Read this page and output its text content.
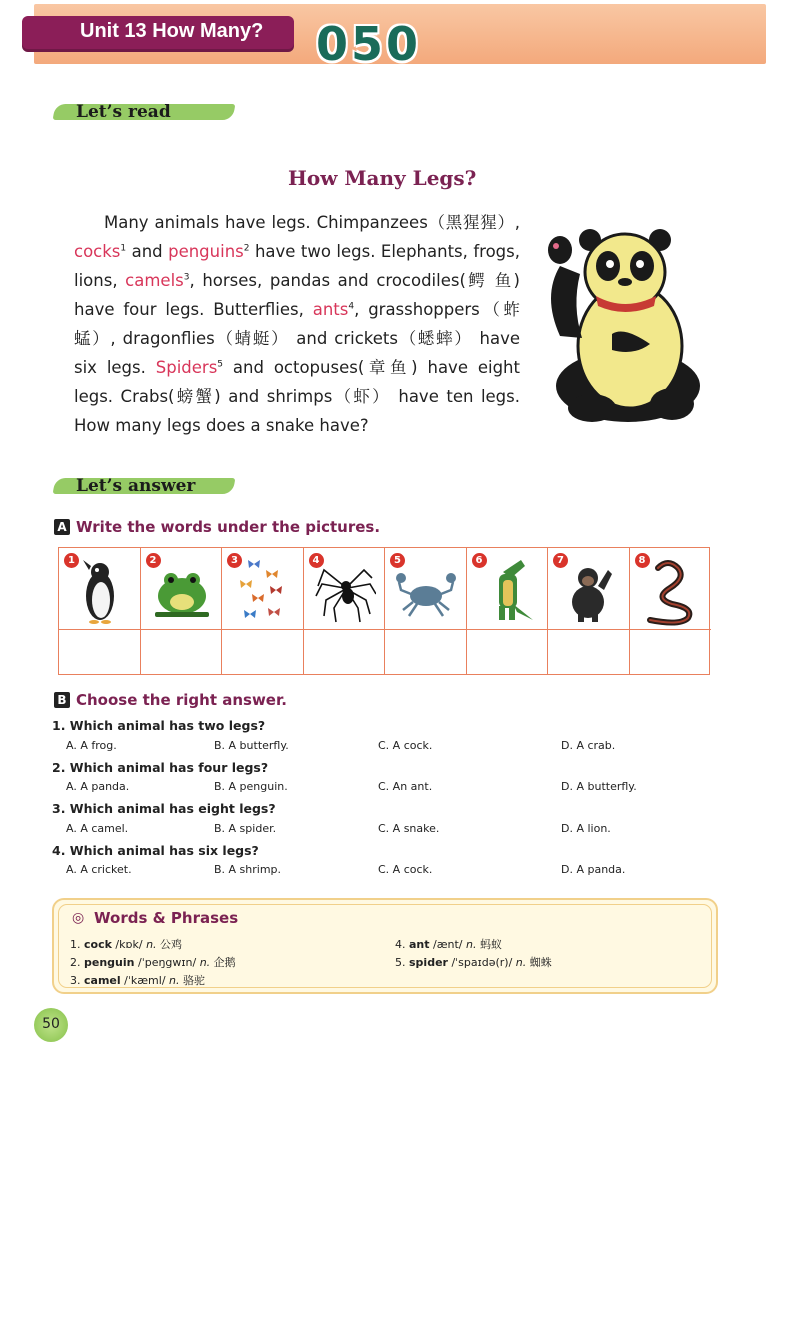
Unit 13 How Many? 050
Let’s read
How Many Legs?
Many animals have legs. Chimpanzees（黑猩猩）, cocks$^1$ and penguins$^2$ have two legs. Elephants, frogs, lions, camels$^3$, horses, pandas and crocodiles(鳄 鱼) have four legs. Butterflies, ants$^4$, grasshoppers（蚱蜢）, dragonflies（蜻蜓） and crickets（蟋蟀） have six legs. Spiders$^5$ and octopuses(章鱼) have eight legs. Crabs(螃蟹) and shrimps（虾） have ten legs. How many legs does a snake have?
Let’s answer
A Write the words under the pictures.
1	2	3	4	5	6	7	8
B Choose the right answer.
1. Which animal has two legs?
A. A frog.	B. A butterfly.	C. A cock.	D. A crab.
2. Which animal has four legs?
A. A panda.	B. A penguin.	C. An ant.	D. A butterfly.
3. Which animal has eight legs?
A. A camel.	B. A spider.	C. A snake.	D. A lion.
4. Which animal has six legs?
A. A cricket.	B. A shrimp.	C. A cock.	D. A panda.
◎ Words & Phrases
1. cock /kɒk/ n. 公鸡
2. penguin /ˈpeŋgwɪn/ n. 企鹅
3. camel /ˈkæml/ n. 骆驼
4. ant /ænt/ n. 蚂蚁
5. spider /ˈspaɪdə(r)/ n. 蜘蛛
50
